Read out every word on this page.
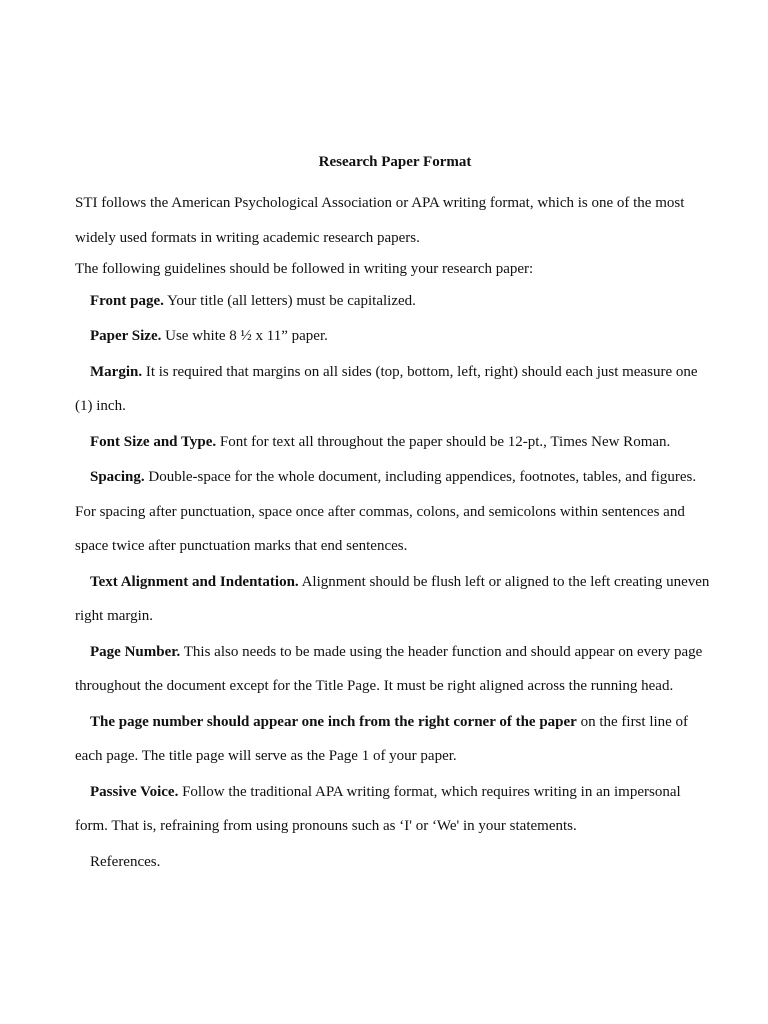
Research Paper Format

STI follows the American Psychological Association or APA writing format, which is one of the most widely used formats in writing academic research papers.

The following guidelines should be followed in writing your research paper:

Front page. Your title (all letters) must be capitalized.

Paper Size. Use white 8 ½ x 11” paper.

Margin. It is required that margins on all sides (top, bottom, left, right) should each just measure one (1) inch.

Font Size and Type. Font for text all throughout the paper should be 12-pt., Times New Roman.

Spacing. Double-space for the whole document, including appendices, footnotes, tables, and figures. For spacing after punctuation, space once after commas, colons, and semicolons within sentences and space twice after punctuation marks that end sentences.

Text Alignment and Indentation. Alignment should be flush left or aligned to the left creating uneven right margin.

Page Number. This also needs to be made using the header function and should appear on every page throughout the document except for the Title Page. It must be right aligned across the running head.

The page number should appear one inch from the right corner of the paper on the first line of each page. The title page will serve as the Page 1 of your paper.

Passive Voice. Follow the traditional APA writing format, which requires writing in an impersonal form. That is, refraining from using pronouns such as ‘I' or ‘We' in your statements.

References.
